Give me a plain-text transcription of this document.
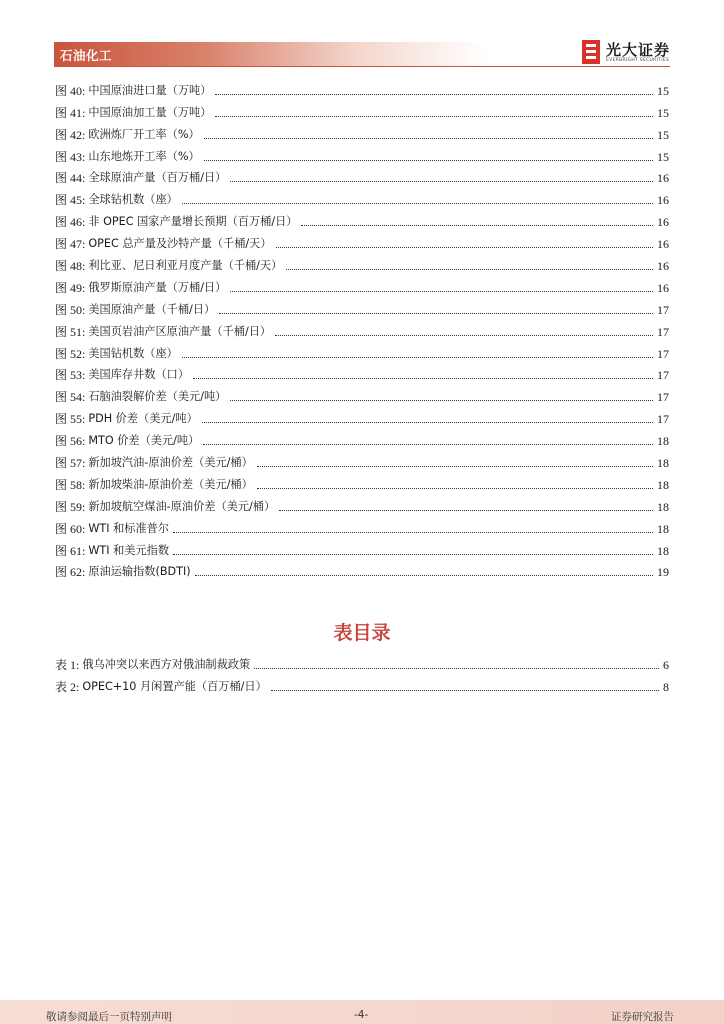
石油化工	光大证券
EVERBRIGHT SECURITIES
图 40:
中国原油进口量（万吨）	15
图 41:
中国原油加工量（万吨）	15
图 42:
欧洲炼厂开工率（%）	15
图 43:
山东地炼开工率（%）	15
图 44:
全球原油产量（百万桶/日）	16
图 45:
全球钻机数（座）	16
图 46:
非 OPEC 国家产量增长预期（百万桶/日）	16
图 47:
OPEC 总产量及沙特产量（千桶/天）	16
图 48:
利比亚、尼日利亚月度产量（千桶/天）	16
图 49:
俄罗斯原油产量（万桶/日）	16
图 50:
美国原油产量（千桶/日）	17
图 51:
美国页岩油产区原油产量（千桶/日）	17
图 52:
美国钻机数（座）	17
图 53:
美国库存井数（口）	17
图 54:
石脑油裂解价差（美元/吨）	17
图 55:
PDH 价差（美元/吨）	17
图 56:
MTO 价差（美元/吨）	18
图 57:
新加坡汽油-原油价差（美元/桶）	18
图 58:
新加坡柴油-原油价差（美元/桶）	18
图 59:
新加坡航空煤油-原油价差（美元/桶）	18
图 60:
WTI 和标准普尔	18
图 61:
WTI 和美元指数	18
图 62:
原油运输指数(BDTI)	19
表目录
表 1:
俄乌冲突以来西方对俄油制裁政策	6
表 2:
OPEC+10 月闲置产能（百万桶/日）	8
敬请参阅最后一页特别声明	-4-	证券研究报告
